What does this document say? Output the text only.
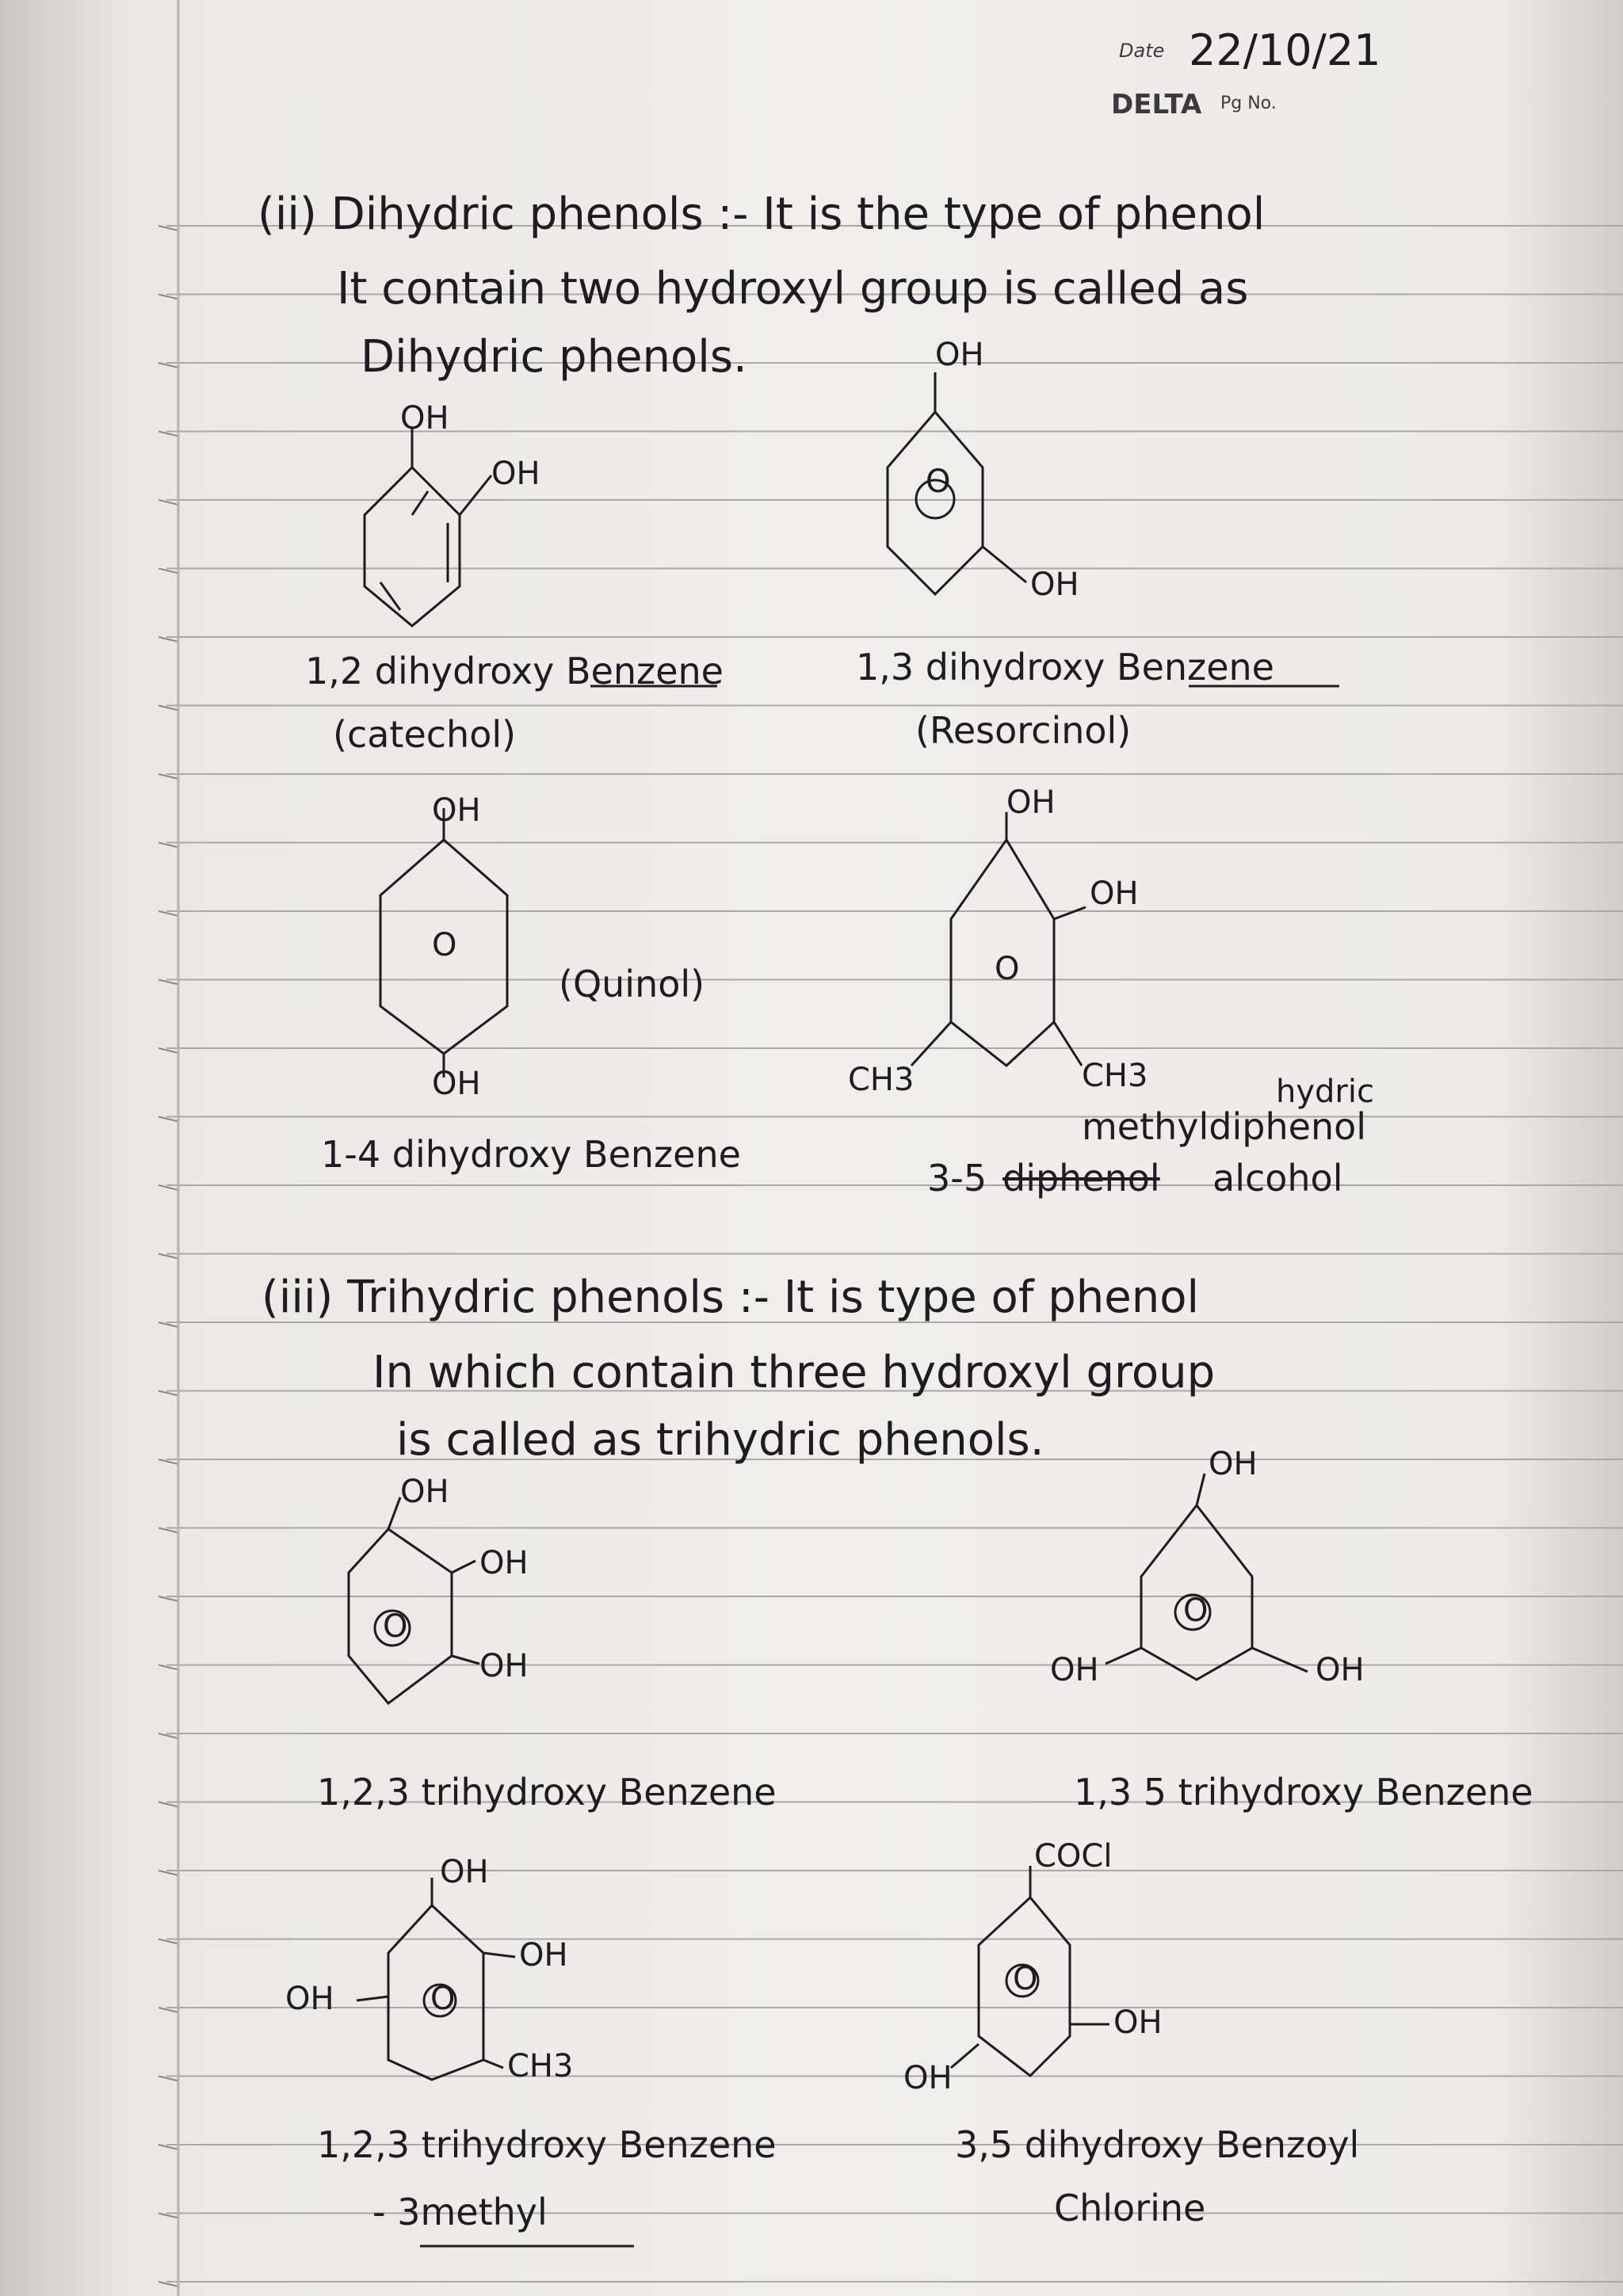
Date 22/10/21
DELTA Pg No.
(ii) Dihydric phenols :- It is the type of phenol
It contain two hydroxyl group is called as
Dihydric phenols.
O
O
O
O	O
O
O
OH
OH
OH
OH
OH
OH
OH
OH
CH3	CH3
1,2 dihydroxy Benzene
(catechol)
1,3 dihydroxy Benzene
(Resorcinol)
(Quinol)
1-4 dihydroxy Benzene
hydric
methyldiphenol
3-5 diphenol alcohol
(iii) Trihydric phenols :- It is type of phenol
In which contain three hydroxyl group
is called as trihydric phenols.
OH
OH
OH
OH
OH
OH
OH
OH
OH
CH3
COCl
OH
OH
1,2,3 trihydroxy Benzene	1,3 5 trihydroxy Benzene
1,2,3 trihydroxy Benzene
- 3methyl
3,5 dihydroxy Benzoyl
Chlorine
